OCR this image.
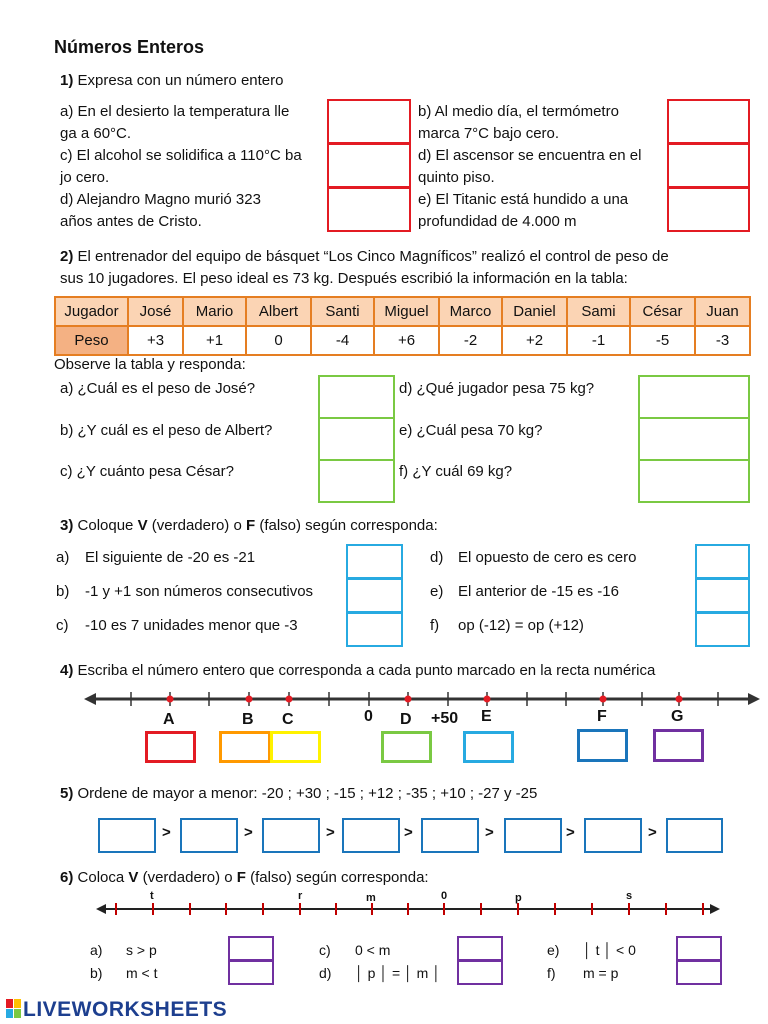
Números Enteros
1) Expresa con un número entero
a) En el desierto la temperatura lle
ga a 60°C.
c) El alcohol se solidifica a 110°C ba
jo cero.
d) Alejandro Magno murió 323
años antes de Cristo.
b) Al medio día, el termómetro
marca 7°C bajo cero.
d) El ascensor se encuentra en el
quinto piso.
e) El Titanic está hundido a una
profundidad de 4.000 m
2) El entrenador del equipo de básquet “Los Cinco Magníficos” realizó el control de peso de
sus 10 jugadores. El peso ideal es 73 kg. Después escribió la información en la tabla:
Jugador	José	Mario	Albert	Santi	Miguel	Marco	Daniel	Sami	César	Juan
Peso	+3	+1	0	-4	+6	-2	+2	-1	-5	-3
Observe la tabla y responda:
a) ¿Cuál es el peso de José?
b) ¿Y cuál es el peso de Albert?
c) ¿Y cuánto pesa César?
d) ¿Qué jugador pesa 75 kg?
e) ¿Cuál pesa 70 kg?
f) ¿Y cuál 69 kg?
3) Coloque V (verdadero) o F (falso) según corresponda:
a) El siguiente de -20 es -21
b) -1 y +1 son números consecutivos
c) -10 es 7 unidades menor que -3
d) El opuesto de cero es cero
e) El anterior de -15 es -16
f) op (-12) = op (+12)
4) Escriba el número entero que corresponda a cada punto marcado en la recta numérica
A	B C	0 D +50 E	F	G
5) Ordene de mayor a menor: -20 ; +30 ; -15 ; +12 ; -35 ; +10 ; -27 y -25
>	>	>	>	>	>	>
6) Coloca V (verdadero) o F (falso) según corresponda:
t	r	m	0	p	s
a) s > p
b) m < t
c) 0 < m
d) │ p │ = │ m │
e) │ t │ < 0
f) m = p
LIVEWORKSHEETS
